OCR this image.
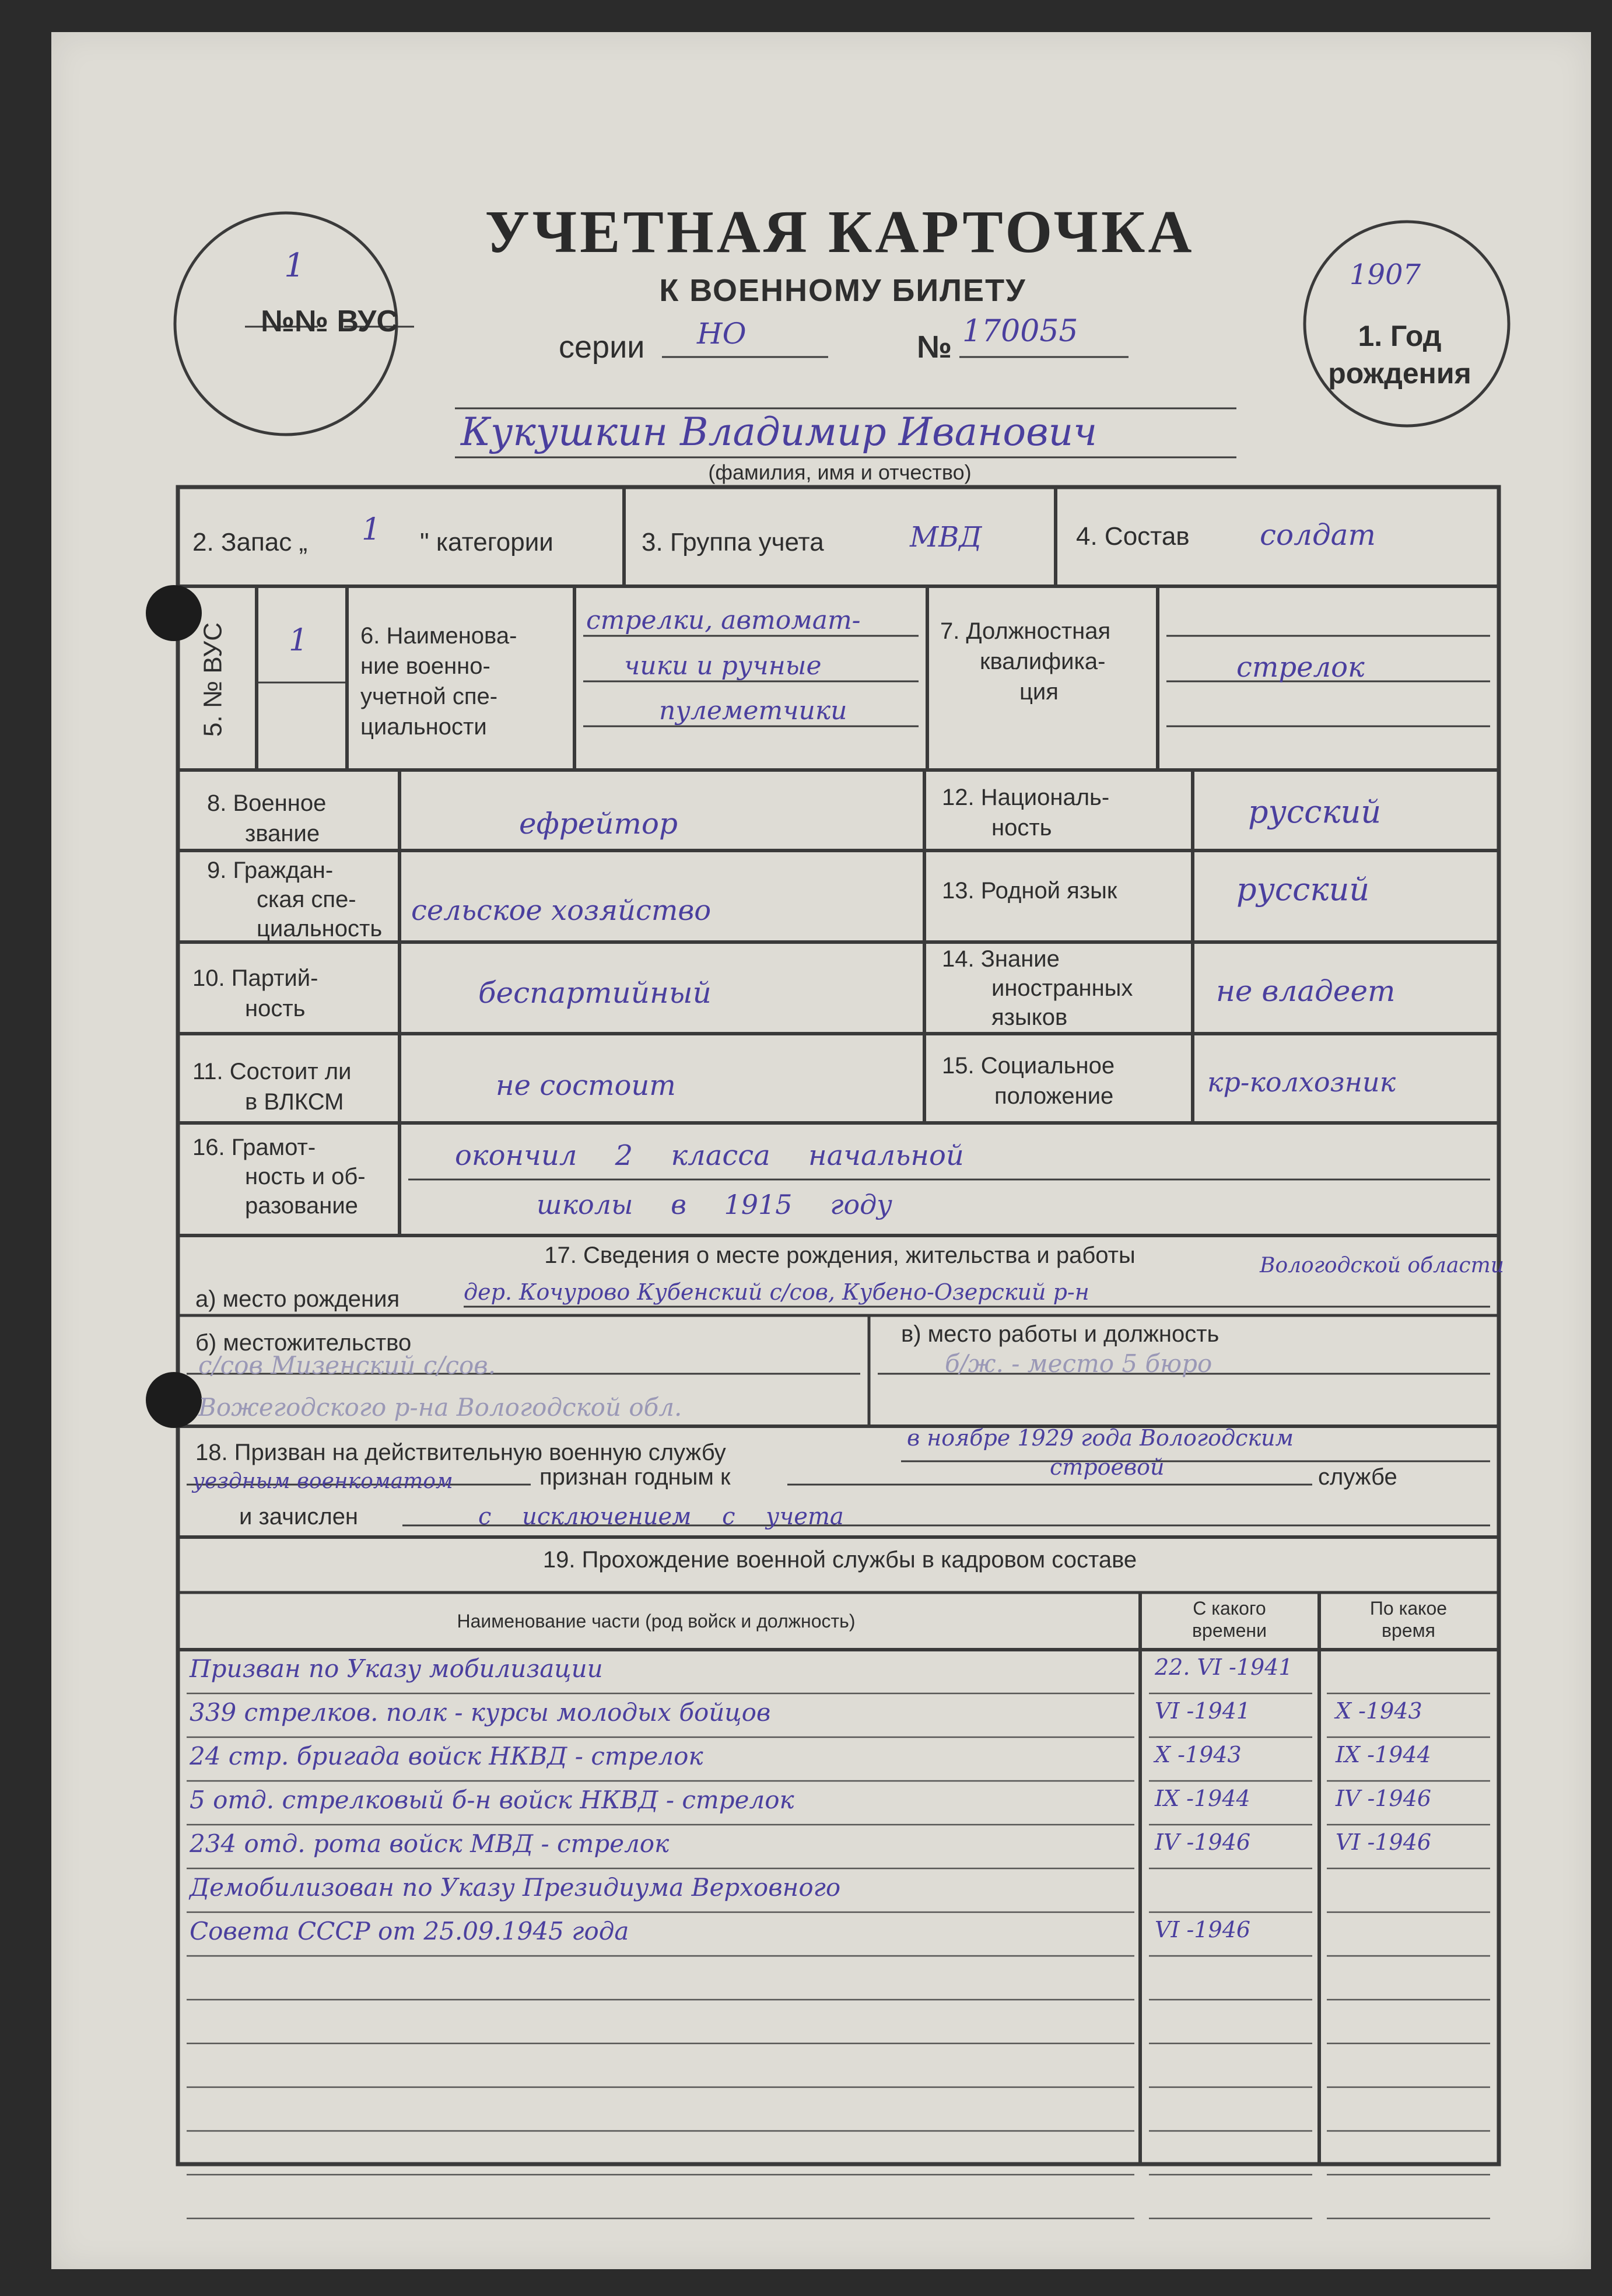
УЧЕТНАЯ КАРТОЧКА
К ВОЕННОМУ БИЛЕТУ
серии НО	№ 170055
1
№№ ВУС
1907
1. Год
рождения
Кукушкин Владимир Иванович
(фамилия, имя и отчество)
2. Запас „ 1 " категории	3. Группа учета	МВД	4. Состав солдат
5. № ВУС 1 6. Наименова-
ние военно-
учетной спе-
циальности
стрелки, автомат-
чики и ручные
пулеметчики
7. Должностная
квалифика-
ция
стрелок
8. Военное
звание	ефрейтор
12. Националь-
ность	русский
9. Граждан-
ская спе-
циальность
сельское хозяйство
13. Родной язык	русский
10. Партий-
ность	беспартийный
14. Знание
иностранных
языков
не владеет
11. Состоит ли
в ВЛКСМ	не состоит
15. Социальное
положение	кр-колхозник
16. Грамот-
ность и об-
разование
окончил 2 класса начальной
школы в 1915 году
17. Сведения о месте рождения, жительства и работы
а) место рождения	дер. Кочурово Кубенский с/сов, Кубено-Озерский р-н
Вологодской области
б) местожительство
с/сов Мизенский с/сов.
Вожегодского р-на Вологодской обл.
в) место работы и должность
б/ж. - место 5 бюро
18. Призван на действительную военную службу
в ноябре 1929 года Вологодским
уездным военкоматом	признан годным к	строевой	службе
и зачислен	с исключением с учета
19. Прохождение военной службы в кадровом составе
Наименование части (род войск и должность)
С какого
времени
По какое
время
Призван по Указу мобилизации	22. VI -1941
339 стрелков. полк - курсы молодых бойцов	VI -1941	X -1943
24 стр. бригада войск НКВД - стрелок	X -1943	IX -1944
5 отд. стрелковый б-н войск НКВД - стрелок	IX -1944	IV -1946
234 отд. рота войск МВД - стрелок	IV -1946	VI -1946
Демобилизован по Указу Президиума Верховного
Совета СССР от 25.09.1945 года	VI -1946
